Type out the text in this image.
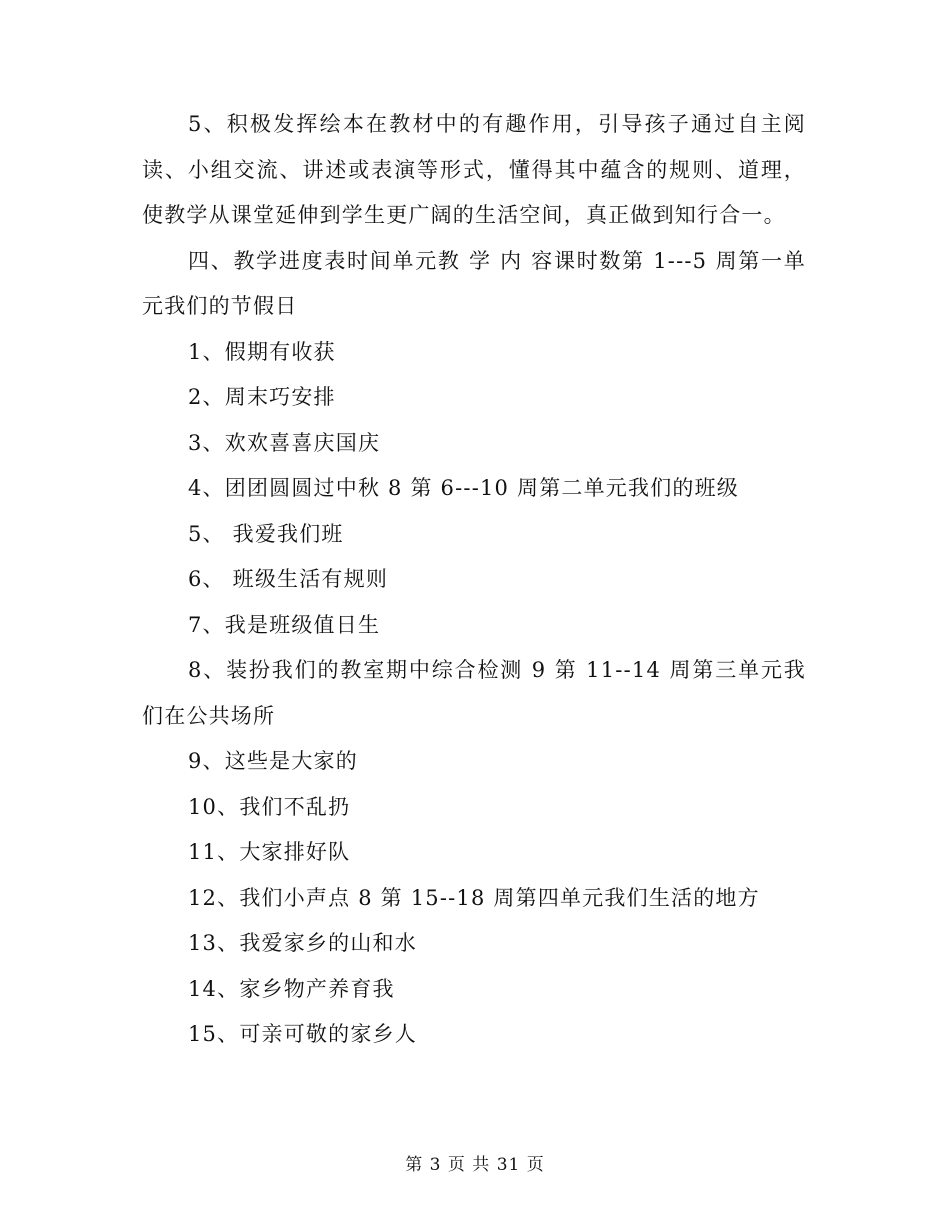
5、积极发挥绘本在教材中的有趣作用，引导孩子通过自主阅读、小组交流、讲述或表演等形式，懂得其中蕴含的规则、道理，使教学从课堂延伸到学生更广阔的生活空间，真正做到知行合一。

四、教学进度表时间单元教 学 内 容课时数第 1---5 周第一单元我们的节假日

1、假期有收获

2、周末巧安排

3、欢欢喜喜庆国庆

4、团团圆圆过中秋 8 第 6---10 周第二单元我们的班级

5、 我爱我们班

6、 班级生活有规则

7、我是班级值日生

8、装扮我们的教室期中综合检测 9 第 11--14 周第三单元我们在公共场所

9、这些是大家的

10、我们不乱扔

11、大家排好队

12、我们小声点 8 第 15--18 周第四单元我们生活的地方

13、我爱家乡的山和水

14、家乡物产养育我

15、可亲可敬的家乡人

第 3 页 共 31 页
